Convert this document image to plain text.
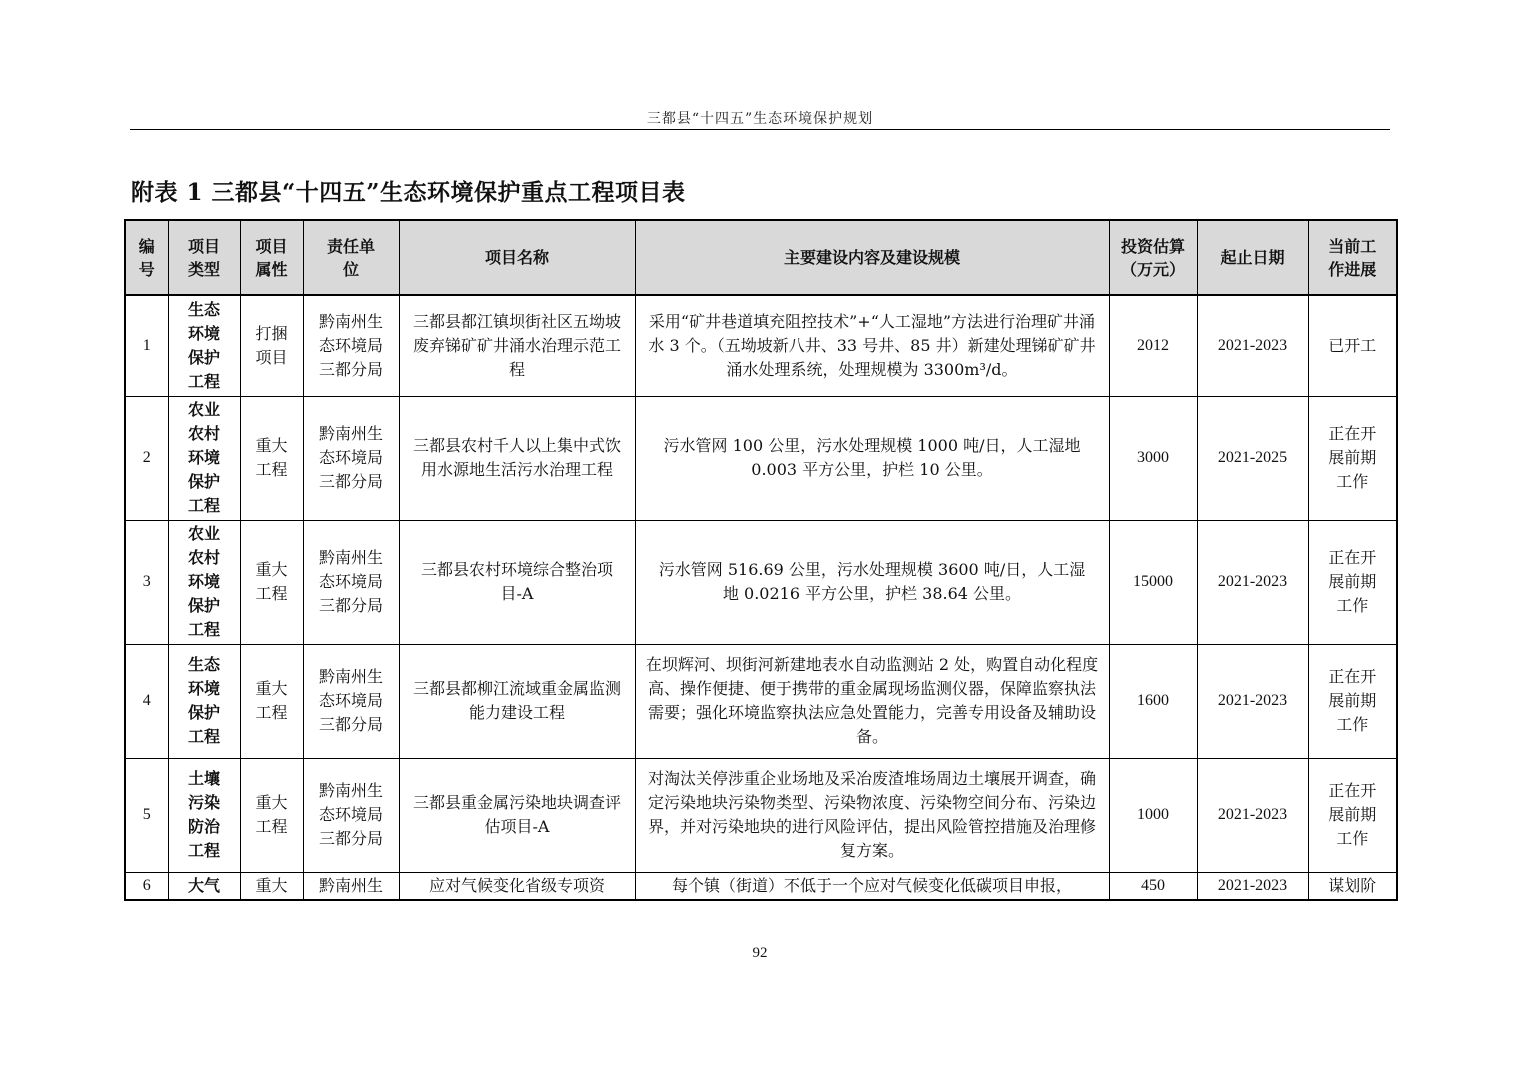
三都县“十四五”生态环境保护规划
附表 1 三都县“十四五”生态环境保护重点工程项目表
编号	项目类型	项目属性	责任单位	项目名称	主要建设内容及建设规模	投资估算（万元）	起止日期	当前工作进展
1	生态环境保护工程	打捆项目	黔南州生态环境局三都分局	三都县都江镇坝街社区五坳坡废弃锑矿矿井涌水治理示范工程	采用“矿井巷道填充阻控技术”+“人工湿地”方法进行治理矿井涌水 3 个。（五坳坡新八井、33 号井、85 井）新建处理锑矿矿井涌水处理系统，处理规模为 3300m³/d。	2012	2021-2023	已开工
2	农业农村环境保护工程	重大工程	黔南州生态环境局三都分局	三都县农村千人以上集中式饮用水源地生活污水治理工程	污水管网 100 公里，污水处理规模 1000 吨/日，人工湿地 0.003 平方公里，护栏 10 公里。	3000	2021-2025	正在开展前期工作
3	农业农村环境保护工程	重大工程	黔南州生态环境局三都分局	三都县农村环境综合整治项目-A	污水管网 516.69 公里，污水处理规模 3600 吨/日，人工湿地 0.0216 平方公里，护栏 38.64 公里。	15000	2021-2023	正在开展前期工作
4	生态环境保护工程	重大工程	黔南州生态环境局三都分局	三都县都柳江流域重金属监测能力建设工程	在坝辉河、坝街河新建地表水自动监测站 2 处，购置自动化程度高、操作便捷、便于携带的重金属现场监测仪器，保障监察执法需要；强化环境监察执法应急处置能力，完善专用设备及辅助设备。	1600	2021-2023	正在开展前期工作
5	土壤污染防治工程	重大工程	黔南州生态环境局三都分局	三都县重金属污染地块调查评估项目-A	对淘汰关停涉重企业场地及采冶废渣堆场周边土壤展开调查，确定污染地块污染物类型、污染物浓度、污染物空间分布、污染边界，并对污染地块的进行风险评估，提出风险管控措施及治理修复方案。	1000	2021-2023	正在开展前期工作
6	大气	重大	黔南州生	应对气候变化省级专项资	每个镇（街道）不低于一个应对气候变化低碳项目申报，	450	2021-2023	谋划阶
92
